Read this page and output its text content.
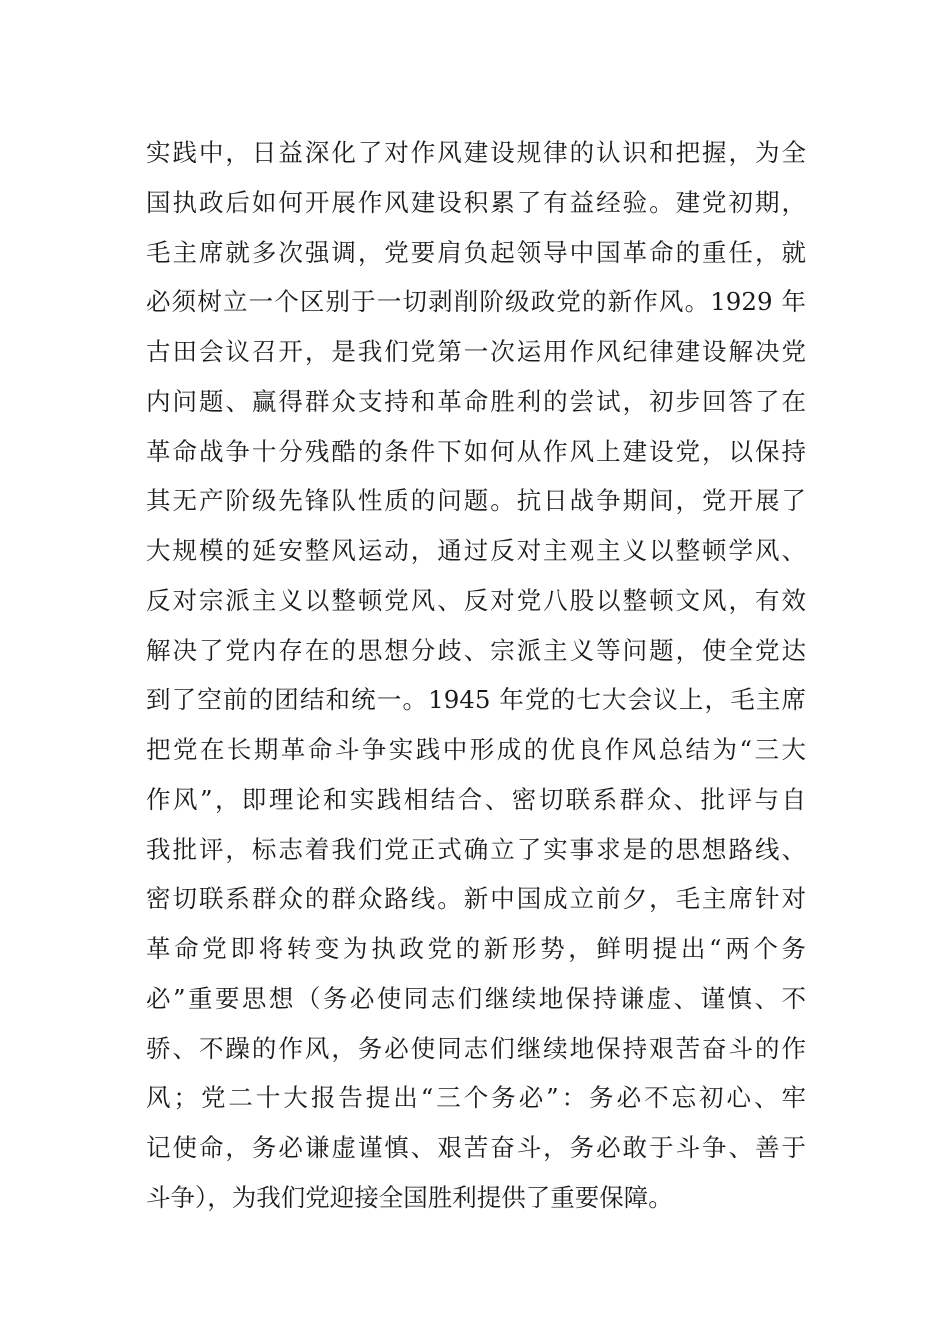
实践中，日益深化了对作风建设规律的认识和把握，为全
国执政后如何开展作风建设积累了有益经验。建党初期，
毛主席就多次强调，党要肩负起领导中国革命的重任，就
必须树立一个区别于一切剥削阶级政党的新作风。1929 年
古田会议召开，是我们党第一次运用作风纪律建设解决党
内问题、赢得群众支持和革命胜利的尝试，初步回答了在
革命战争十分残酷的条件下如何从作风上建设党，以保持
其无产阶级先锋队性质的问题。抗日战争期间，党开展了
大规模的延安整风运动，通过反对主观主义以整顿学风、
反对宗派主义以整顿党风、反对党八股以整顿文风，有效
解决了党内存在的思想分歧、宗派主义等问题，使全党达
到了空前的团结和统一。1945 年党的七大会议上，毛主席
把党在长期革命斗争实践中形成的优良作风总结为“三大
作风”，即理论和实践相结合、密切联系群众、批评与自
我批评，标志着我们党正式确立了实事求是的思想路线、
密切联系群众的群众路线。新中国成立前夕，毛主席针对
革命党即将转变为执政党的新形势，鲜明提出“两个务
必”重要思想（务必使同志们继续地保持谦虚、谨慎、不
骄、不躁的作风，务必使同志们继续地保持艰苦奋斗的作
风；党二十大报告提出“三个务必”：务必不忘初心、牢
记使命，务必谦虚谨慎、艰苦奋斗，务必敢于斗争、善于
斗争），为我们党迎接全国胜利提供了重要保障。
